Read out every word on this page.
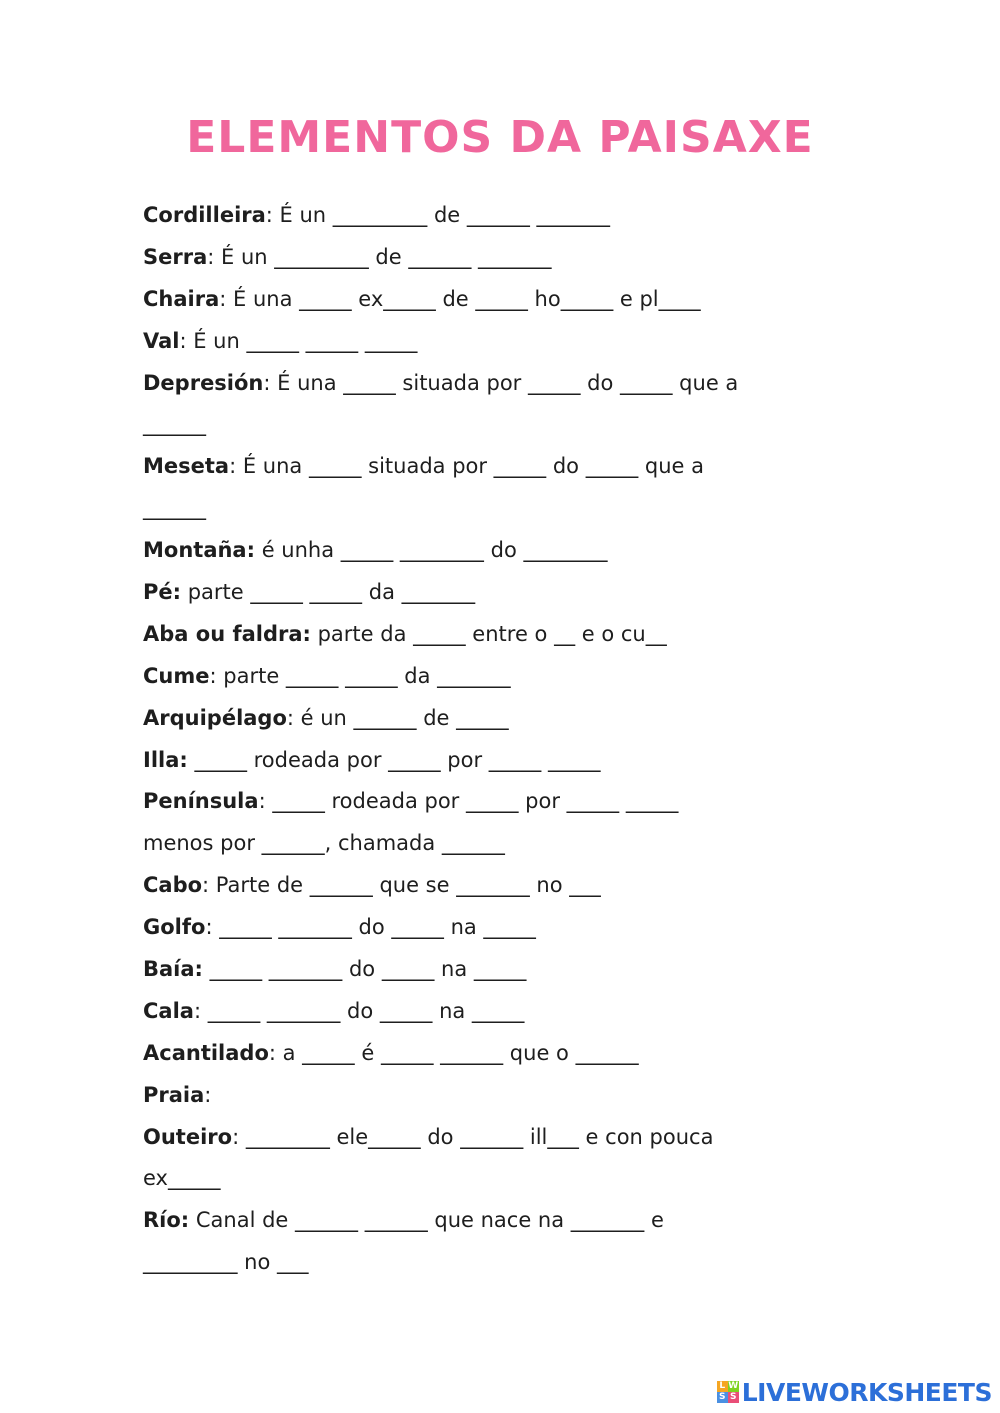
ELEMENTOS DA PAISAXE
Cordilleira: É un _________ de ______ _______
Serra: É un _________ de ______ _______
Chaira: É una _____ ex_____ de _____ ho_____ e pl____
Val: É un _____ _____ _____
Depresión: É una _____ situada por _____ do _____ que a
______
Meseta: É una _____ situada por _____ do _____ que a
______
Montaña: é unha _____ ________ do ________
Pé: parte _____ _____ da _______
Aba ou faldra: parte da _____ entre o __ e o cu__
Cume: parte _____ _____ da _______
Arquipélago: é un ______ de _____
Illa: _____ rodeada por _____ por _____ _____
Península: _____ rodeada por _____ por _____ _____
menos por ______, chamada ______
Cabo: Parte de ______ que se _______ no ___
Golfo: _____ _______ do _____ na _____
Baía: _____ _______ do _____ na _____
Cala: _____ _______ do _____ na _____
Acantilado: a _____ é _____ ______ que o ______
Praia:
Outeiro: ________ ele_____ do ______ ill___ e con pouca
ex_____
Río: Canal de ______ ______ que nace na _______ e
_________ no ___
L W
S S LIVEWORKSHEETS
